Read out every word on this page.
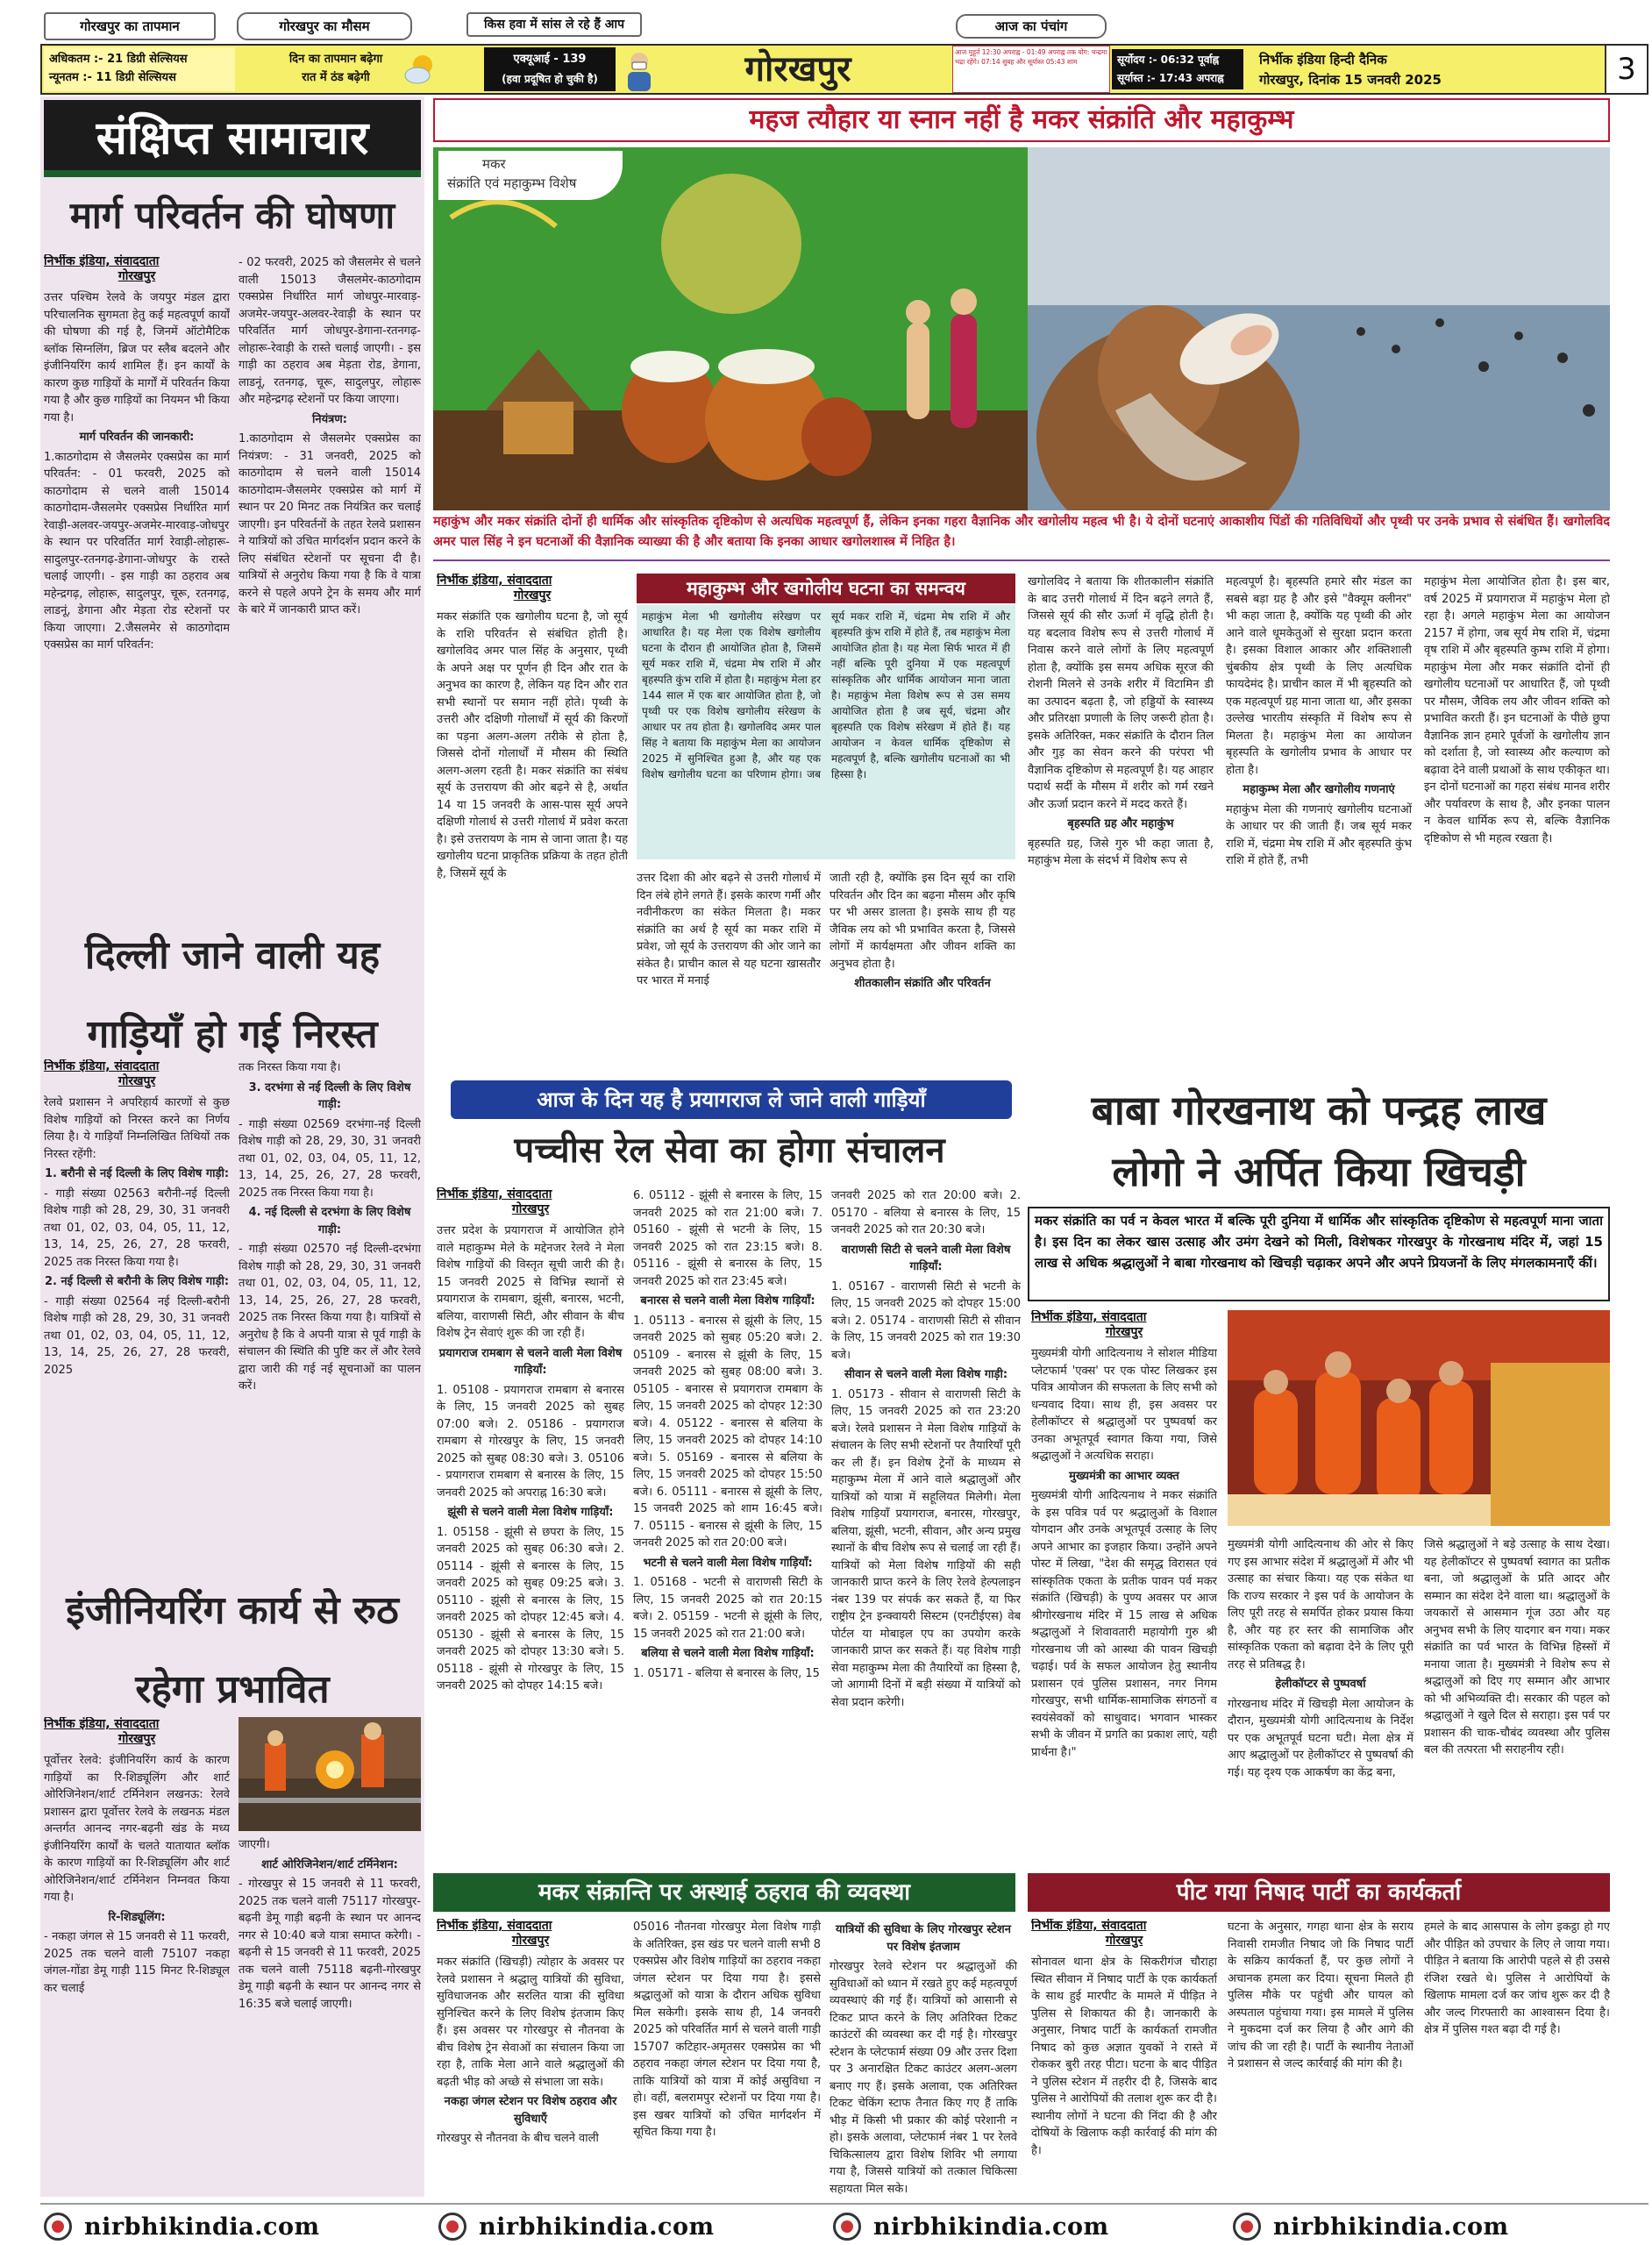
गोरखपुर का तापमान	गोरखपुर का मौसम	किस हवा में सांस ले रहे हैं आप	आज का पंचांग
अधिकतम :- 21 डिग्री सेल्सियस
न्यूनतम :- 11 डिग्री सेल्सियस
दिन का तापमान बढ़ेगा
रात में ठंड बढ़ेगी
एक्यूआई - 139
(हवा प्रदूषित हो चुकी है)	गोरखपुर	आज मुहूर्त 12:30 अपराह्न - 01:49 अपराह्न तक योग: चन्द्रमा भद्रा रहेंगे। 07:14 सुबह और सूर्यास्त 05:43 शाम	सूर्योदय :- 06:32 पूर्वाह्न
सूर्यास्त :- 17:43 अपराह्न
निर्भीक इंडिया हिन्दी दैनिक
गोरखपुर, दिनांक 15 जनवरी 2025	3
संक्षिप्त सामाचार
मार्ग परिवर्तन की घोषणा
निर्भीक इंडिया, संवाददाता
गोरखपुर

उत्तर पश्चिम रेलवे के जयपुर मंडल द्वारा परिचालनिक सुगमता हेतु कई महत्वपूर्ण कार्यों की घोषणा की गई है, जिनमें ऑटोमैटिक ब्लॉक सिग्नलिंग, ब्रिज पर स्लैब बदलने और इंजीनियरिंग कार्य शामिल हैं। इन कार्यों के कारण कुछ गाड़ियों के मार्गों में परिवर्तन किया गया है और कुछ गाड़ियों का नियमन भी किया गया है।

मार्ग परिवर्तन की जानकारी:

1.काठगोदाम से जैसलमेर एक्सप्रेस का मार्ग परिवर्तन: - 01 फरवरी, 2025 को काठगोदाम से चलने वाली 15014 काठगोदाम-जैसलमेर एक्सप्रेस निर्धारित मार्ग रेवाड़ी-अलवर-जयपुर-अजमेर-मारवाड़-जोधपुर के स्थान पर परिवर्तित मार्ग रेवाड़ी-लोहारू-सादुलपुर-रतनगढ़-डेगाना-जोधपुर के रास्ते चलाई जाएगी। - इस गाड़ी का ठहराव अब महेन्द्रगढ़, लोहारू, सादुलपुर, चूरू, रतनगढ़, लाडनूं, डेगाना और मेड़ता रोड स्टेशनों पर किया जाएगा। 2.जैसलमेर से काठगोदाम एक्सप्रेस का मार्ग परिवर्तन:

- 02 फरवरी, 2025 को जैसलमेर से चलने वाली 15013 जैसलमेर-काठगोदाम एक्सप्रेस निर्धारित मार्ग जोधपुर-मारवाड़-अजमेर-जयपुर-अलवर-रेवाड़ी के स्थान पर परिवर्तित मार्ग जोधपुर-डेगाना-रतनगढ़-लोहारू-रेवाड़ी के रास्ते चलाई जाएगी। - इस गाड़ी का ठहराव अब मेड़ता रोड, डेगाना, लाडनूं, रतनगढ़, चूरू, सादुलपुर, लोहारू और महेन्द्रगढ़ स्टेशनों पर किया जाएगा।

नियंत्रण:

1.काठगोदाम से जैसलमेर एक्सप्रेस का नियंत्रण: - 31 जनवरी, 2025 को काठगोदाम से चलने वाली 15014 काठगोदाम-जैसलमेर एक्सप्रेस को मार्ग में स्थान पर 20 मिनट तक नियंत्रित कर चलाई जाएगी। इन परिवर्तनों के तहत रेलवे प्रशासन ने यात्रियों को उचित मार्गदर्शन प्रदान करने के लिए संबंधित स्टेशनों पर सूचना दी है। यात्रियों से अनुरोध किया गया है कि वे यात्रा करने से पहले अपने ट्रेन के समय और मार्ग के बारे में जानकारी प्राप्त करें।

दिल्ली जाने वाली यह गाड़ियाँ हो गई निरस्त
निर्भीक इंडिया, संवाददाता
गोरखपुर

रेलवे प्रशासन ने अपरिहार्य कारणों से कुछ विशेष गाड़ियों को निरस्त करने का निर्णय लिया है। ये गाड़ियाँ निम्नलिखित तिथियों तक निरस्त रहेंगी:

1. बरौनी से नई दिल्ली के लिए विशेष गाड़ी:

- गाड़ी संख्या 02563 बरौनी-नई दिल्ली विशेष गाड़ी को 28, 29, 30, 31 जनवरी तथा 01, 02, 03, 04, 05, 11, 12, 13, 14, 25, 26, 27, 28 फरवरी, 2025 तक निरस्त किया गया है।

2. नई दिल्ली से बरौनी के लिए विशेष गाड़ी:

- गाड़ी संख्या 02564 नई दिल्ली-बरौनी विशेष गाड़ी को 28, 29, 30, 31 जनवरी तथा 01, 02, 03, 04, 05, 11, 12, 13, 14, 25, 26, 27, 28 फरवरी, 2025

तक निरस्त किया गया है।

3. दरभंगा से नई दिल्ली के लिए विशेष गाड़ी:

- गाड़ी संख्या 02569 दरभंगा-नई दिल्ली विशेष गाड़ी को 28, 29, 30, 31 जनवरी तथा 01, 02, 03, 04, 05, 11, 12, 13, 14, 25, 26, 27, 28 फरवरी, 2025 तक निरस्त किया गया है।

4. नई दिल्ली से दरभंगा के लिए विशेष गाड़ी:

- गाड़ी संख्या 02570 नई दिल्ली-दरभंगा विशेष गाड़ी को 28, 29, 30, 31 जनवरी तथा 01, 02, 03, 04, 05, 11, 12, 13, 14, 25, 26, 27, 28 फरवरी, 2025 तक निरस्त किया गया है। यात्रियों से अनुरोध है कि वे अपनी यात्रा से पूर्व गाड़ी के संचालन की स्थिति की पुष्टि कर लें और रेलवे द्वारा जारी की गई नई सूचनाओं का पालन करें।

इंजीनियरिंग कार्य से रुठ रहेगा प्रभावित
निर्भीक इंडिया, संवाददाता
गोरखपुर

पूर्वोत्तर रेलवे: इंजीनियरिंग कार्य के कारण गाड़ियों का रि-शिड्यूलिंग और शार्ट ओरिजिनेशन/शार्ट टर्मिनेशन लखनऊ: रेलवे प्रशासन द्वारा पूर्वोत्तर रेलवे के लखनऊ मंडल अन्तर्गत आनन्द नगर-बढ़नी खंड के मध्य इंजीनियरिंग कार्यों के चलते यातायात ब्लॉक के कारण गाड़ियों का रि-शिड्यूलिंग और शार्ट ओरिजिनेशन/शार्ट टर्मिनेशन निम्नवत किया गया है।

रि-शिड्यूलिंग:

- नकहा जंगल से 15 जनवरी से 11 फरवरी, 2025 तक चलने वाली 75107 नकहा जंगल-गोंडा डेमू गाड़ी 115 मिनट रि-शिड्यूल कर चलाई

जाएगी।

शार्ट ओरिजिनेशन/शार्ट टर्मिनेशन:

- गोरखपुर से 15 जनवरी से 11 फरवरी, 2025 तक चलने वाली 75117 गोरखपुर-बढ़नी डेमू गाड़ी बढ़नी के स्थान पर आनन्द नगर से 10:40 बजे यात्रा समाप्त करेगी। - बढ़नी से 15 जनवरी से 11 फरवरी, 2025 तक चलने वाली 75118 बढ़नी-गोरखपुर डेमू गाड़ी बढ़नी के स्थान पर आनन्द नगर से 16:35 बजे चलाई जाएगी।

महज त्यौहार या स्नान नहीं है मकर संक्रांति और महाकुम्भ
मकर
संक्रांति एवं महाकुम्भ विशेष
महाकुंभ और मकर संक्रांति दोनों ही धार्मिक और सांस्कृतिक दृष्टिकोण से अत्यधिक महत्वपूर्ण हैं, लेकिन इनका गहरा वैज्ञानिक और खगोलीय महत्व भी है। ये दोनों घटनाएं आकाशीय पिंडों की गतिविधियों और पृथ्वी पर उनके प्रभाव से संबंधित हैं। खगोलविद अमर पाल सिंह ने इन घटनाओं की वैज्ञानिक व्याख्या की है और बताया कि इनका आधार खगोलशास्त्र में निहित है।
निर्भीक इंडिया, संवाददाता
गोरखपुर

मकर संक्रांति एक खगोलीय घटना है, जो सूर्य के राशि परिवर्तन से संबंधित होती है। खगोलविद अमर पाल सिंह के अनुसार, पृथ्वी के अपने अक्ष पर पूर्णन ही दिन और रात के अनुभव का कारण है, लेकिन यह दिन और रात सभी स्थानों पर समान नहीं होते। पृथ्वी के उत्तरी और दक्षिणी गोलार्धों में सूर्य की किरणों का पड़ना अलग-अलग तरीके से होता है, जिससे दोनों गोलार्धों में मौसम की स्थिति अलग-अलग रहती है। मकर संक्रांति का संबंध सूर्य के उत्तरायण की ओर बढ़ने से है, अर्थात 14 या 15 जनवरी के आस-पास सूर्य अपने दक्षिणी गोलार्ध से उत्तरी गोलार्ध में प्रवेश करता है। इसे उत्तरायण के नाम से जाना जाता है। यह खगोलीय घटना प्राकृतिक प्रक्रिया के तहत होती है, जिसमें सूर्य के

महाकुम्भ और खगोलीय घटना का समन्वय
महाकुंभ मेला भी खगोलीय संरेखण पर आधारित है। यह मेला एक विशेष खगोलीय घटना के दौरान ही आयोजित होता है, जिसमें सूर्य मकर राशि में, चंद्रमा मेष राशि में और बृहस्पति कुंभ राशि में होता है। महाकुंभ मेला हर 144 साल में एक बार आयोजित होता है, जो पृथ्वी पर एक विशेष खगोलीय संरेखण के आधार पर तय होता है। खगोलविद अमर पाल सिंह ने बताया कि महाकुंभ मेला का आयोजन 2025 में सुनिश्चित हुआ है, और यह एक विशेष खगोलीय घटना का परिणाम होगा। जब सूर्य मकर राशि में, चंद्रमा मेष राशि में और बृहस्पति कुंभ राशि में होते हैं, तब महाकुंभ मेला आयोजित होता है। यह मेला सिर्फ भारत में ही नहीं बल्कि पूरी दुनिया में एक महत्वपूर्ण सांस्कृतिक और धार्मिक आयोजन माना जाता है। महाकुंभ मेला विशेष रूप से उस समय आयोजित होता है जब सूर्य, चंद्रमा और बृहस्पति एक विशेष संरेखण में होते हैं। यह आयोजन न केवल धार्मिक दृष्टिकोण से महत्वपूर्ण है, बल्कि खगोलीय घटनाओं का भी हिस्सा है।

उत्तर दिशा की ओर बढ़ने से उत्तरी गोलार्ध में दिन लंबे होने लगते हैं। इसके कारण गर्मी और नवीनीकरण का संकेत मिलता है। मकर संक्रांति का अर्थ है सूर्य का मकर राशि में प्रवेश, जो सूर्य के उत्तरायण की ओर जाने का संकेत है। प्राचीन काल से यह घटना खासतौर पर भारत में मनाई

जाती रही है, क्योंकि इस दिन सूर्य का राशि परिवर्तन और दिन का बढ़ना मौसम और कृषि पर भी असर डालता है। इसके साथ ही यह जैविक लय को भी प्रभावित करता है, जिससे लोगों में कार्यक्षमता और जीवन शक्ति का अनुभव होता है।

शीतकालीन संक्रांति और परिवर्तन

खगोलविद ने बताया कि शीतकालीन संक्रांति के बाद उत्तरी गोलार्ध में दिन बढ़ने लगते हैं, जिससे सूर्य की सौर ऊर्जा में वृद्धि होती है। यह बदलाव विशेष रूप से उत्तरी गोलार्ध में निवास करने वाले लोगों के लिए महत्वपूर्ण होता है, क्योंकि इस समय अधिक सूरज की रोशनी मिलने से उनके शरीर में विटामिन डी का उत्पादन बढ़ता है, जो हड्डियों के स्वास्थ्य और प्रतिरक्षा प्रणाली के लिए जरूरी होता है। इसके अतिरिक्त, मकर संक्रांति के दौरान तिल और गुड़ का सेवन करने की परंपरा भी वैज्ञानिक दृष्टिकोण से महत्वपूर्ण है। यह आहार पदार्थ सर्दी के मौसम में शरीर को गर्म रखने और ऊर्जा प्रदान करने में मदद करते हैं।

बृहस्पति ग्रह और महाकुंभ

बृहस्पति ग्रह, जिसे गुरु भी कहा जाता है, महाकुंभ मेला के संदर्भ में विशेष रूप से

महत्वपूर्ण है। बृहस्पति हमारे सौर मंडल का सबसे बड़ा ग्रह है और इसे "वैक्यूम क्लीनर" भी कहा जाता है, क्योंकि यह पृथ्वी की ओर आने वाले धूमकेतुओं से सुरक्षा प्रदान करता है। इसका विशाल आकार और शक्तिशाली चुंबकीय क्षेत्र पृथ्वी के लिए अत्यधिक फायदेमंद है। प्राचीन काल में भी बृहस्पति को एक महत्वपूर्ण ग्रह माना जाता था, और इसका उल्लेख भारतीय संस्कृति में विशेष रूप से मिलता है। महाकुंभ मेला का आयोजन बृहस्पति के खगोलीय प्रभाव के आधार पर होता है।

महाकुम्भ मेला और खगोलीय गणनाएं

महाकुंभ मेला की गणनाएं खगोलीय घटनाओं के आधार पर की जाती हैं। जब सूर्य मकर राशि में, चंद्रमा मेष राशि में और बृहस्पति कुंभ राशि में होते हैं, तभी

महाकुंभ मेला आयोजित होता है। इस बार, वर्ष 2025 में प्रयागराज में महाकुंभ मेला हो रहा है। अगले महाकुंभ मेला का आयोजन 2157 में होगा, जब सूर्य मेष राशि में, चंद्रमा वृष राशि में और बृहस्पति कुम्भ राशि में होगा। महाकुंभ मेला और मकर संक्रांति दोनों ही खगोलीय घटनाओं पर आधारित हैं, जो पृथ्वी पर मौसम, जैविक लय और जीवन शक्ति को प्रभावित करती हैं। इन घटनाओं के पीछे छुपा वैज्ञानिक ज्ञान हमारे पूर्वजों के खगोलीय ज्ञान को दर्शाता है, जो स्वास्थ्य और कल्याण को बढ़ावा देने वाली प्रथाओं के साथ एकीकृत था। इन दोनों घटनाओं का गहरा संबंध मानव शरीर और पर्यावरण के साथ है, और इनका पालन न केवल धार्मिक रूप से, बल्कि वैज्ञानिक दृष्टिकोण से भी महत्व रखता है।

आज के दिन यह है प्रयागराज ले जाने वाली गाड़ियाँ
पच्चीस रेल सेवा का होगा संचालन
निर्भीक इंडिया, संवाददाता
गोरखपुर

उत्तर प्रदेश के प्रयागराज में आयोजित होने वाले महाकुम्भ मेले के मद्देनजर रेलवे ने मेला विशेष गाड़ियों की विस्तृत सूची जारी की है। 15 जनवरी 2025 से विभिन्न स्थानों से प्रयागराज के रामबाग, झूंसी, बनारस, भटनी, बलिया, वाराणसी सिटी, और सीवान के बीच विशेष ट्रेन सेवाएं शुरू की जा रही हैं।

प्रयागराज रामबाग से चलने वाली मेला विशेष गाड़ियाँ:

1. 05108 - प्रयागराज रामबाग से बनारस के लिए, 15 जनवरी 2025 को सुबह 07:00 बजे। 2. 05186 - प्रयागराज रामबाग से गोरखपुर के लिए, 15 जनवरी 2025 को सुबह 08:30 बजे। 3. 05106 - प्रयागराज रामबाग से बनारस के लिए, 15 जनवरी 2025 को अपराह्न 16:30 बजे।

झूंसी से चलने वाली मेला विशेष गाड़ियाँ:

1. 05158 - झूंसी से छपरा के लिए, 15 जनवरी 2025 को सुबह 06:30 बजे। 2. 05114 - झूंसी से बनारस के लिए, 15 जनवरी 2025 को सुबह 09:25 बजे। 3. 05110 - झूंसी से बनारस के लिए, 15 जनवरी 2025 को दोपहर 12:45 बजे। 4. 05130 - झूंसी से बनारस के लिए, 15 जनवरी 2025 को दोपहर 13:30 बजे। 5. 05118 - झूंसी से गोरखपुर के लिए, 15 जनवरी 2025 को दोपहर 14:15 बजे।

6. 05112 - झूंसी से बनारस के लिए, 15 जनवरी 2025 को रात 21:00 बजे। 7. 05160 - झूंसी से भटनी के लिए, 15 जनवरी 2025 को रात 23:15 बजे। 8. 05116 - झूंसी से बनारस के लिए, 15 जनवरी 2025 को रात 23:45 बजे।

बनारस से चलने वाली मेला विशेष गाड़ियाँ:

1. 05113 - बनारस से झूंसी के लिए, 15 जनवरी 2025 को सुबह 05:20 बजे। 2. 05109 - बनारस से झूंसी के लिए, 15 जनवरी 2025 को सुबह 08:00 बजे। 3. 05105 - बनारस से प्रयागराज रामबाग के लिए, 15 जनवरी 2025 को दोपहर 12:30 बजे। 4. 05122 - बनारस से बलिया के लिए, 15 जनवरी 2025 को दोपहर 14:10 बजे। 5. 05169 - बनारस से बलिया के लिए, 15 जनवरी 2025 को दोपहर 15:50 बजे। 6. 05111 - बनारस से झूंसी के लिए, 15 जनवरी 2025 को शाम 16:45 बजे। 7. 05115 - बनारस से झूंसी के लिए, 15 जनवरी 2025 को रात 20:00 बजे।

भटनी से चलने वाली मेला विशेष गाड़ियाँ:

1. 05168 - भटनी से वाराणसी सिटी के लिए, 15 जनवरी 2025 को रात 20:15 बजे। 2. 05159 - भटनी से झूंसी के लिए, 15 जनवरी 2025 को रात 21:00 बजे।

बलिया से चलने वाली मेला विशेष गाड़ियाँ:

1. 05171 - बलिया से बनारस के लिए, 15

जनवरी 2025 को रात 20:00 बजे। 2. 05170 - बलिया से बनारस के लिए, 15 जनवरी 2025 को रात 20:30 बजे।

वाराणसी सिटी से चलने वाली मेला विशेष गाड़ियाँ:

1. 05167 - वाराणसी सिटी से भटनी के लिए, 15 जनवरी 2025 को दोपहर 15:00 बजे। 2. 05174 - वाराणसी सिटी से सीवान के लिए, 15 जनवरी 2025 को रात 19:30 बजे।

सीवान से चलने वाली मेला विशेष गाड़ी:

1. 05173 - सीवान से वाराणसी सिटी के लिए, 15 जनवरी 2025 को रात 23:20 बजे। रेलवे प्रशासन ने मेला विशेष गाड़ियों के संचालन के लिए सभी स्टेशनों पर तैयारियाँ पूरी कर ली हैं। इन विशेष ट्रेनों के माध्यम से महाकुम्भ मेला में आने वाले श्रद्धालुओं और यात्रियों को यात्रा में सहूलियत मिलेगी। मेला विशेष गाड़ियाँ प्रयागराज, बनारस, गोरखपुर, बलिया, झूंसी, भटनी, सीवान, और अन्य प्रमुख स्थानों के बीच विशेष रूप से चलाई जा रही हैं। यात्रियों को मेला विशेष गाड़ियों की सही जानकारी प्राप्त करने के लिए रेलवे हेल्पलाइन नंबर 139 पर संपर्क कर सकते हैं, या फिर राष्ट्रीय ट्रेन इन्क्वायरी सिस्टम (एनटीईएस) वेब पोर्टल या मोबाइल एप का उपयोग करके जानकारी प्राप्त कर सकते हैं। यह विशेष गाड़ी सेवा महाकुम्भ मेला की तैयारियों का हिस्सा है, जो आगामी दिनों में बड़ी संख्या में यात्रियों को सेवा प्रदान करेगी।

बाबा गोरखनाथ को पन्द्रह लाख
लोगो ने अर्पित किया खिचड़ी
मकर संक्रांति का पर्व न केवल भारत में बल्कि पूरी दुनिया में धार्मिक और सांस्कृतिक दृष्टिकोण से महत्वपूर्ण माना जाता है। इस दिन का लेकर खास उत्साह और उमंग देखने को मिली, विशेषकर गोरखपुर के गोरखनाथ मंदिर में, जहां 15 लाख से अधिक श्रद्धालुओं ने बाबा गोरखनाथ को खिचड़ी चढ़ाकर अपने और अपने प्रियजनों के लिए मंगलकामनाएँ कीं।
निर्भीक इंडिया, संवाददाता
गोरखपुर

मुख्यमंत्री योगी आदित्यनाथ ने सोशल मीडिया प्लेटफार्म 'एक्स' पर एक पोस्ट लिखकर इस पवित्र आयोजन की सफलता के लिए सभी को धन्यवाद दिया। साथ ही, इस अवसर पर हेलीकॉप्टर से श्रद्धालुओं पर पुष्पवर्षा कर उनका अभूतपूर्व स्वागत किया गया, जिसे श्रद्धालुओं ने अत्यधिक सराहा।

मुख्यमंत्री का आभार व्यक्त

मुख्यमंत्री योगी आदित्यनाथ ने मकर संक्रांति के इस पवित्र पर्व पर श्रद्धालुओं के विशाल योगदान और उनके अभूतपूर्व उत्साह के लिए अपने आभार का इजहार किया। उन्होंने अपने पोस्ट में लिखा, "देश की समृद्ध विरासत एवं सांस्कृतिक एकता के प्रतीक पावन पर्व मकर संक्रांति (खिचड़ी) के पुण्य अवसर पर आज श्रीगोरखनाथ मंदिर में 15 लाख से अधिक श्रद्धालुओं ने शिवावतारी महायोगी गुरु श्री गोरखनाथ जी को आस्था की पावन खिचड़ी चढ़ाई। पर्व के सफल आयोजन हेतु स्थानीय प्रशासन एवं पुलिस प्रशासन, नगर निगम गोरखपुर, सभी धार्मिक-सामाजिक संगठनों व स्वयंसेवकों को साधुवाद। भगवान भास्कर सभी के जीवन में प्रगति का प्रकाश लाएं, यही प्रार्थना है।"

मुख्यमंत्री योगी आदित्यनाथ की ओर से किए गए इस आभार संदेश में श्रद्धालुओं में और भी उत्साह का संचार किया। यह एक संकेत था कि राज्य सरकार ने इस पर्व के आयोजन के लिए पूरी तरह से समर्पित होकर प्रयास किया है, और यह हर स्तर की सामाजिक और सांस्कृतिक एकता को बढ़ावा देने के लिए पूरी तरह से प्रतिबद्ध है।

हेलीकॉप्टर से पुष्पवर्षा

गोरखनाथ मंदिर में खिचड़ी मेला आयोजन के दौरान, मुख्यमंत्री योगी आदित्यनाथ के निर्देश पर एक अभूतपूर्व घटना घटी। मेला क्षेत्र में आए श्रद्धालुओं पर हेलीकॉप्टर से पुष्पवर्षा की गई। यह दृश्य एक आकर्षण का केंद्र बना,

जिसे श्रद्धालुओं ने बड़े उत्साह के साथ देखा। यह हेलीकॉप्टर से पुष्पवर्षा स्वागत का प्रतीक बना, जो श्रद्धालुओं के प्रति आदर और सम्मान का संदेश देने वाला था। श्रद्धालुओं के जयकारों से आसमान गूंज उठा और यह अनुभव सभी के लिए यादगार बन गया। मकर संक्रांति का पर्व भारत के विभिन्न हिस्सों में मनाया जाता है। मुख्यमंत्री ने विशेष रूप से श्रद्धालुओं को दिए गए सम्मान और आभार को भी अभिव्यक्ति दी। सरकार की पहल को श्रद्धालुओं ने खुले दिल से सराहा। इस पर्व पर प्रशासन की चाक-चौबंद व्यवस्था और पुलिस बल की तत्परता भी सराहनीय रही।

मकर संक्रान्ति पर अस्थाई ठहराव की व्यवस्था
निर्भीक इंडिया, संवाददाता
गोरखपुर

मकर संक्रांति (खिचड़ी) त्योहार के अवसर पर रेलवे प्रशासन ने श्रद्धालु यात्रियों की सुविधा, सुविधाजनक और सरलित यात्रा की सुविधा सुनिश्चित करने के लिए विशेष इंतजाम किए हैं। इस अवसर पर गोरखपुर से नौतनवा के बीच विशेष ट्रेन सेवाओं का संचालन किया जा रहा है, ताकि मेला आने वाले श्रद्धालुओं की बढ़ती भीड़ को अच्छे से संभाला जा सके।

नकहा जंगल स्टेशन पर विशेष ठहराव और सुविधाएँ

गोरखपुर से नौतनवा के बीच चलने वाली

05016 नौतनवा गोरखपुर मेला विशेष गाड़ी के अतिरिक्त, इस खंड पर चलने वाली सभी 8 एक्सप्रेस और विशेष गाड़ियों का ठहराव नकहा जंगल स्टेशन पर दिया गया है। इससे श्रद्धालुओं को यात्रा के दौरान अधिक सुविधा मिल सकेगी। इसके साथ ही, 14 जनवरी 2025 को परिवर्तित मार्ग से चलने वाली गाड़ी 15707 कटिहार-अमृतसर एक्सप्रेस का भी ठहराव नकहा जंगल स्टेशन पर दिया गया है, ताकि यात्रियों को यात्रा में कोई असुविधा न हो। वहीं, बलरामपुर स्टेशनों पर दिया गया है। इस खबर यात्रियों को उचित मार्गदर्शन में सूचित किया गया है।

यात्रियों की सुविधा के लिए गोरखपुर स्टेशन पर विशेष इंतजाम

गोरखपुर रेलवे स्टेशन पर श्रद्धालुओं की सुविधाओं को ध्यान में रखते हुए कई महत्वपूर्ण व्यवस्थाएं की गई हैं। यात्रियों को आसानी से टिकट प्राप्त करने के लिए अतिरिक्त टिकट काउंटरों की व्यवस्था कर दी गई है। गोरखपुर स्टेशन के प्लेटफार्म संख्या 09 और उत्तर दिशा पर 3 अनारक्षित टिकट काउंटर अलग-अलग बनाए गए हैं। इसके अलावा, एक अतिरिक्त टिकट चेकिंग स्टाफ तैनात किए गए हैं ताकि भीड़ में किसी भी प्रकार की कोई परेशानी न हो। इसके अलावा, प्लेटफार्म नंबर 1 पर रेलवे चिकित्सालय द्वारा विशेष शिविर भी लगाया गया है, जिससे यात्रियों को तत्काल चिकित्सा सहायता मिल सके।

पीट गया निषाद पार्टी का कार्यकर्ता
निर्भीक इंडिया, संवाददाता
गोरखपुर

सोनावल थाना क्षेत्र के सिकरीगंज चौराहा स्थित सीवान में निषाद पार्टी के एक कार्यकर्ता के साथ हुई मारपीट के मामले में पीड़ित ने पुलिस से शिकायत की है। जानकारी के अनुसार, निषाद पार्टी के कार्यकर्ता रामजीत निषाद को कुछ अज्ञात युवकों ने रास्ते में रोककर बुरी तरह पीटा। घटना के बाद पीड़ित ने पुलिस स्टेशन में तहरीर दी है, जिसके बाद पुलिस ने आरोपियों की तलाश शुरू कर दी है। स्थानीय लोगों ने घटना की निंदा की है और दोषियों के खिलाफ कड़ी कार्रवाई की मांग की है।

घटना के अनुसार, गगहा थाना क्षेत्र के सराय निवासी रामजीत निषाद जो कि निषाद पार्टी के सक्रिय कार्यकर्ता हैं, पर कुछ लोगों ने अचानक हमला कर दिया। सूचना मिलते ही पुलिस मौके पर पहुंची और घायल को अस्पताल पहुंचाया गया। इस मामले में पुलिस ने मुकदमा दर्ज कर लिया है और आगे की जांच की जा रही है। पार्टी के स्थानीय नेताओं ने प्रशासन से जल्द कार्रवाई की मांग की है।

हमले के बाद आसपास के लोग इकट्ठा हो गए और पीड़ित को उपचार के लिए ले जाया गया। पीड़ित ने बताया कि आरोपी पहले से ही उससे रंजिश रखते थे। पुलिस ने आरोपियों के खिलाफ मामला दर्ज कर जांच शुरू कर दी है और जल्द गिरफ्तारी का आश्वासन दिया है। क्षेत्र में पुलिस गश्त बढ़ा दी गई है।

nirbhikindia.com	nirbhikindia.com	nirbhikindia.com	nirbhikindia.com
